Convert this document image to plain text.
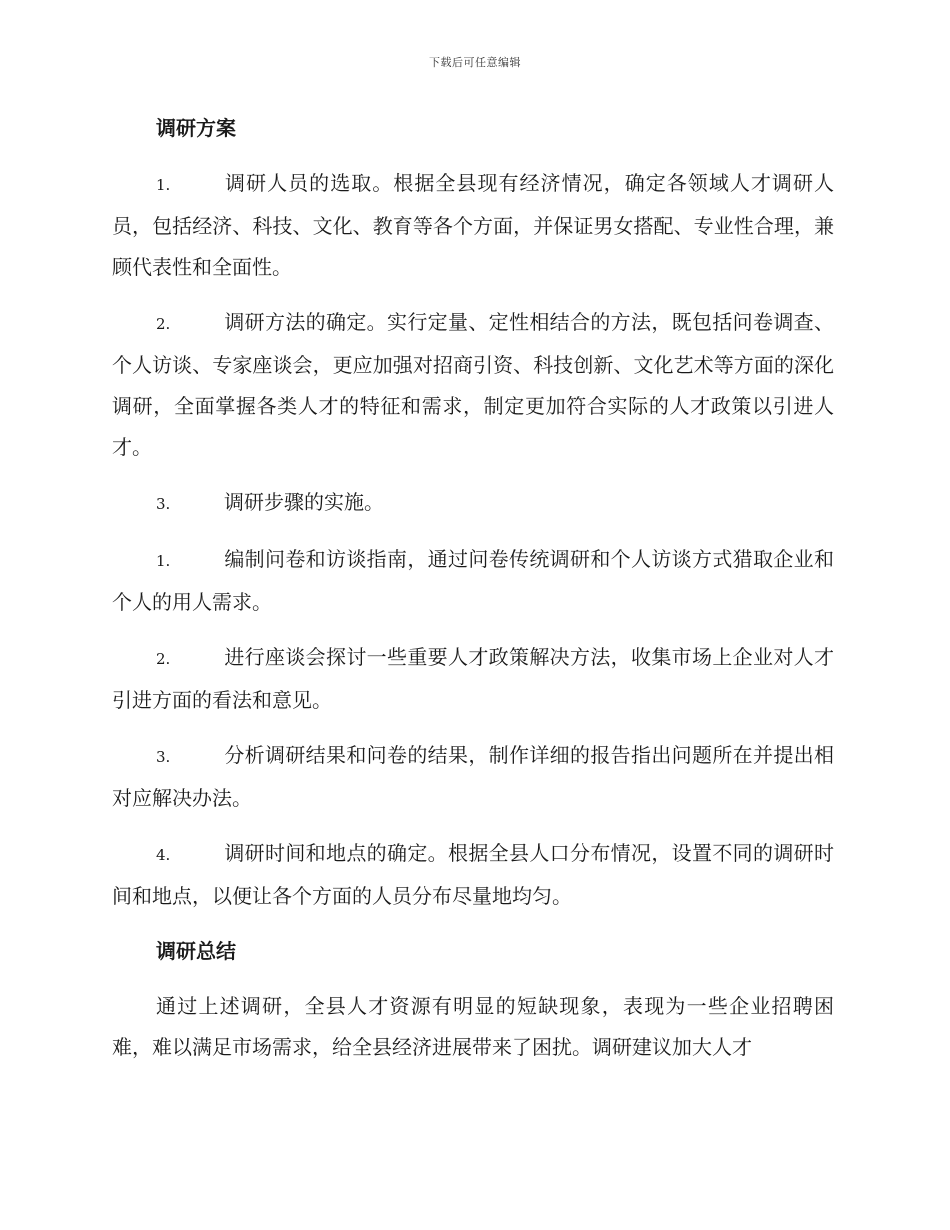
下载后可任意编辑
调研方案
1.	调研人员的选取。根据全县现有经济情况，确定各领域人才调研人员，包括经济、科技、文化、教育等各个方面，并保证男女搭配、专业性合理，兼顾代表性和全面性。
2.	调研方法的确定。实行定量、定性相结合的方法，既包括问卷调查、个人访谈、专家座谈会，更应加强对招商引资、科技创新、文化艺术等方面的深化调研，全面掌握各类人才的特征和需求，制定更加符合实际的人才政策以引进人才。
3.	调研步骤的实施。
1.	编制问卷和访谈指南，通过问卷传统调研和个人访谈方式猎取企业和个人的用人需求。
2.	进行座谈会探讨一些重要人才政策解决方法，收集市场上企业对人才引进方面的看法和意见。
3.	分析调研结果和问卷的结果，制作详细的报告指出问题所在并提出相对应解决办法。
4.	调研时间和地点的确定。根据全县人口分布情况，设置不同的调研时间和地点，以便让各个方面的人员分布尽量地均匀。
调研总结

通过上述调研，全县人才资源有明显的短缺现象，表现为一些企业招聘困难，难以满足市场需求，给全县经济进展带来了困扰。调研建议加大人才
